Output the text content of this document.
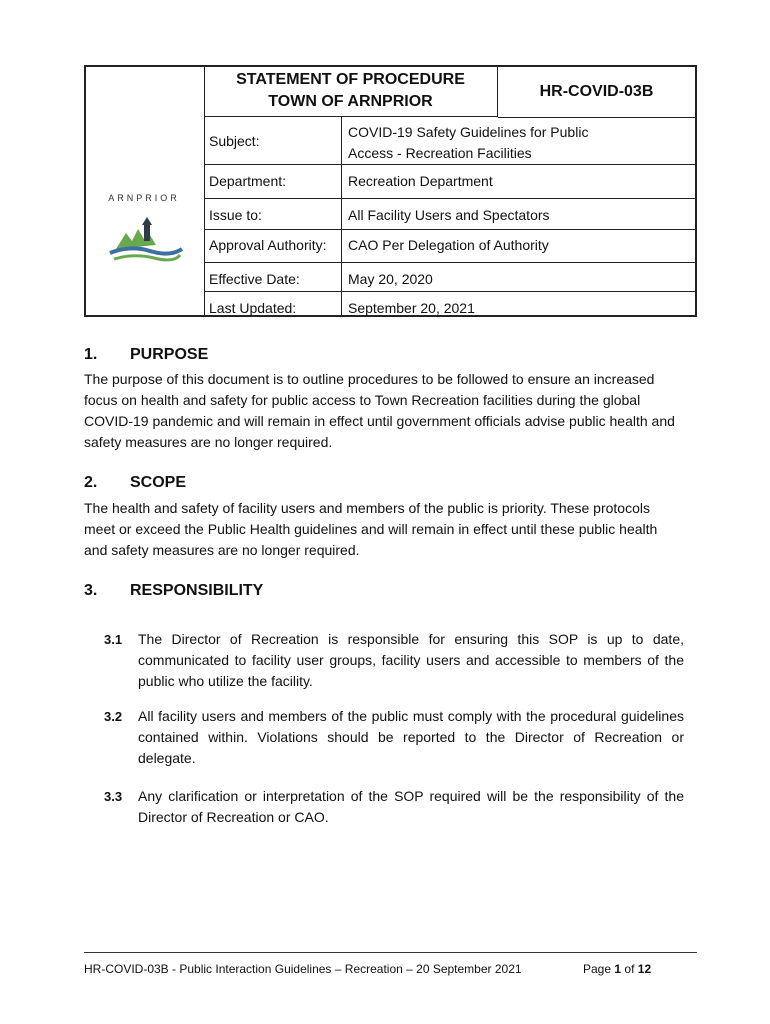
ARNPRIOR
STATEMENT OF PROCEDURE
TOWN OF ARNPRIOR
HR-COVID-03B
Subject:
COVID-19 Safety Guidelines for Public
Access - Recreation Facilities
Department:	Recreation Department
Issue to:	All Facility Users and Spectators
Approval Authority:	CAO Per Delegation of Authority
Effective Date:	May 20, 2020
Last Updated:	September 20, 2021
1. PURPOSE
The purpose of this document is to outline procedures to be followed to ensure an increased focus on health and safety for public access to Town Recreation facilities during the global COVID-19 pandemic and will remain in effect until government officials advise public health and safety measures are no longer required.
2. SCOPE
The health and safety of facility users and members of the public is priority. These protocols meet or exceed the Public Health guidelines and will remain in effect until these public health and safety measures are no longer required.
3. RESPONSIBILITY
3.1 The Director of Recreation is responsible for ensuring this SOP is up to date, communicated to facility user groups, facility users and accessible to members of the public who utilize the facility.
3.2 All facility users and members of the public must comply with the procedural guidelines contained within. Violations should be reported to the Director of Recreation or delegate.
3.3 Any clarification or interpretation of the SOP required will be the responsibility of the Director of Recreation or CAO.
HR-COVID-03B - Public Interaction Guidelines – Recreation – 20 September 2021	Page 1 of 12
